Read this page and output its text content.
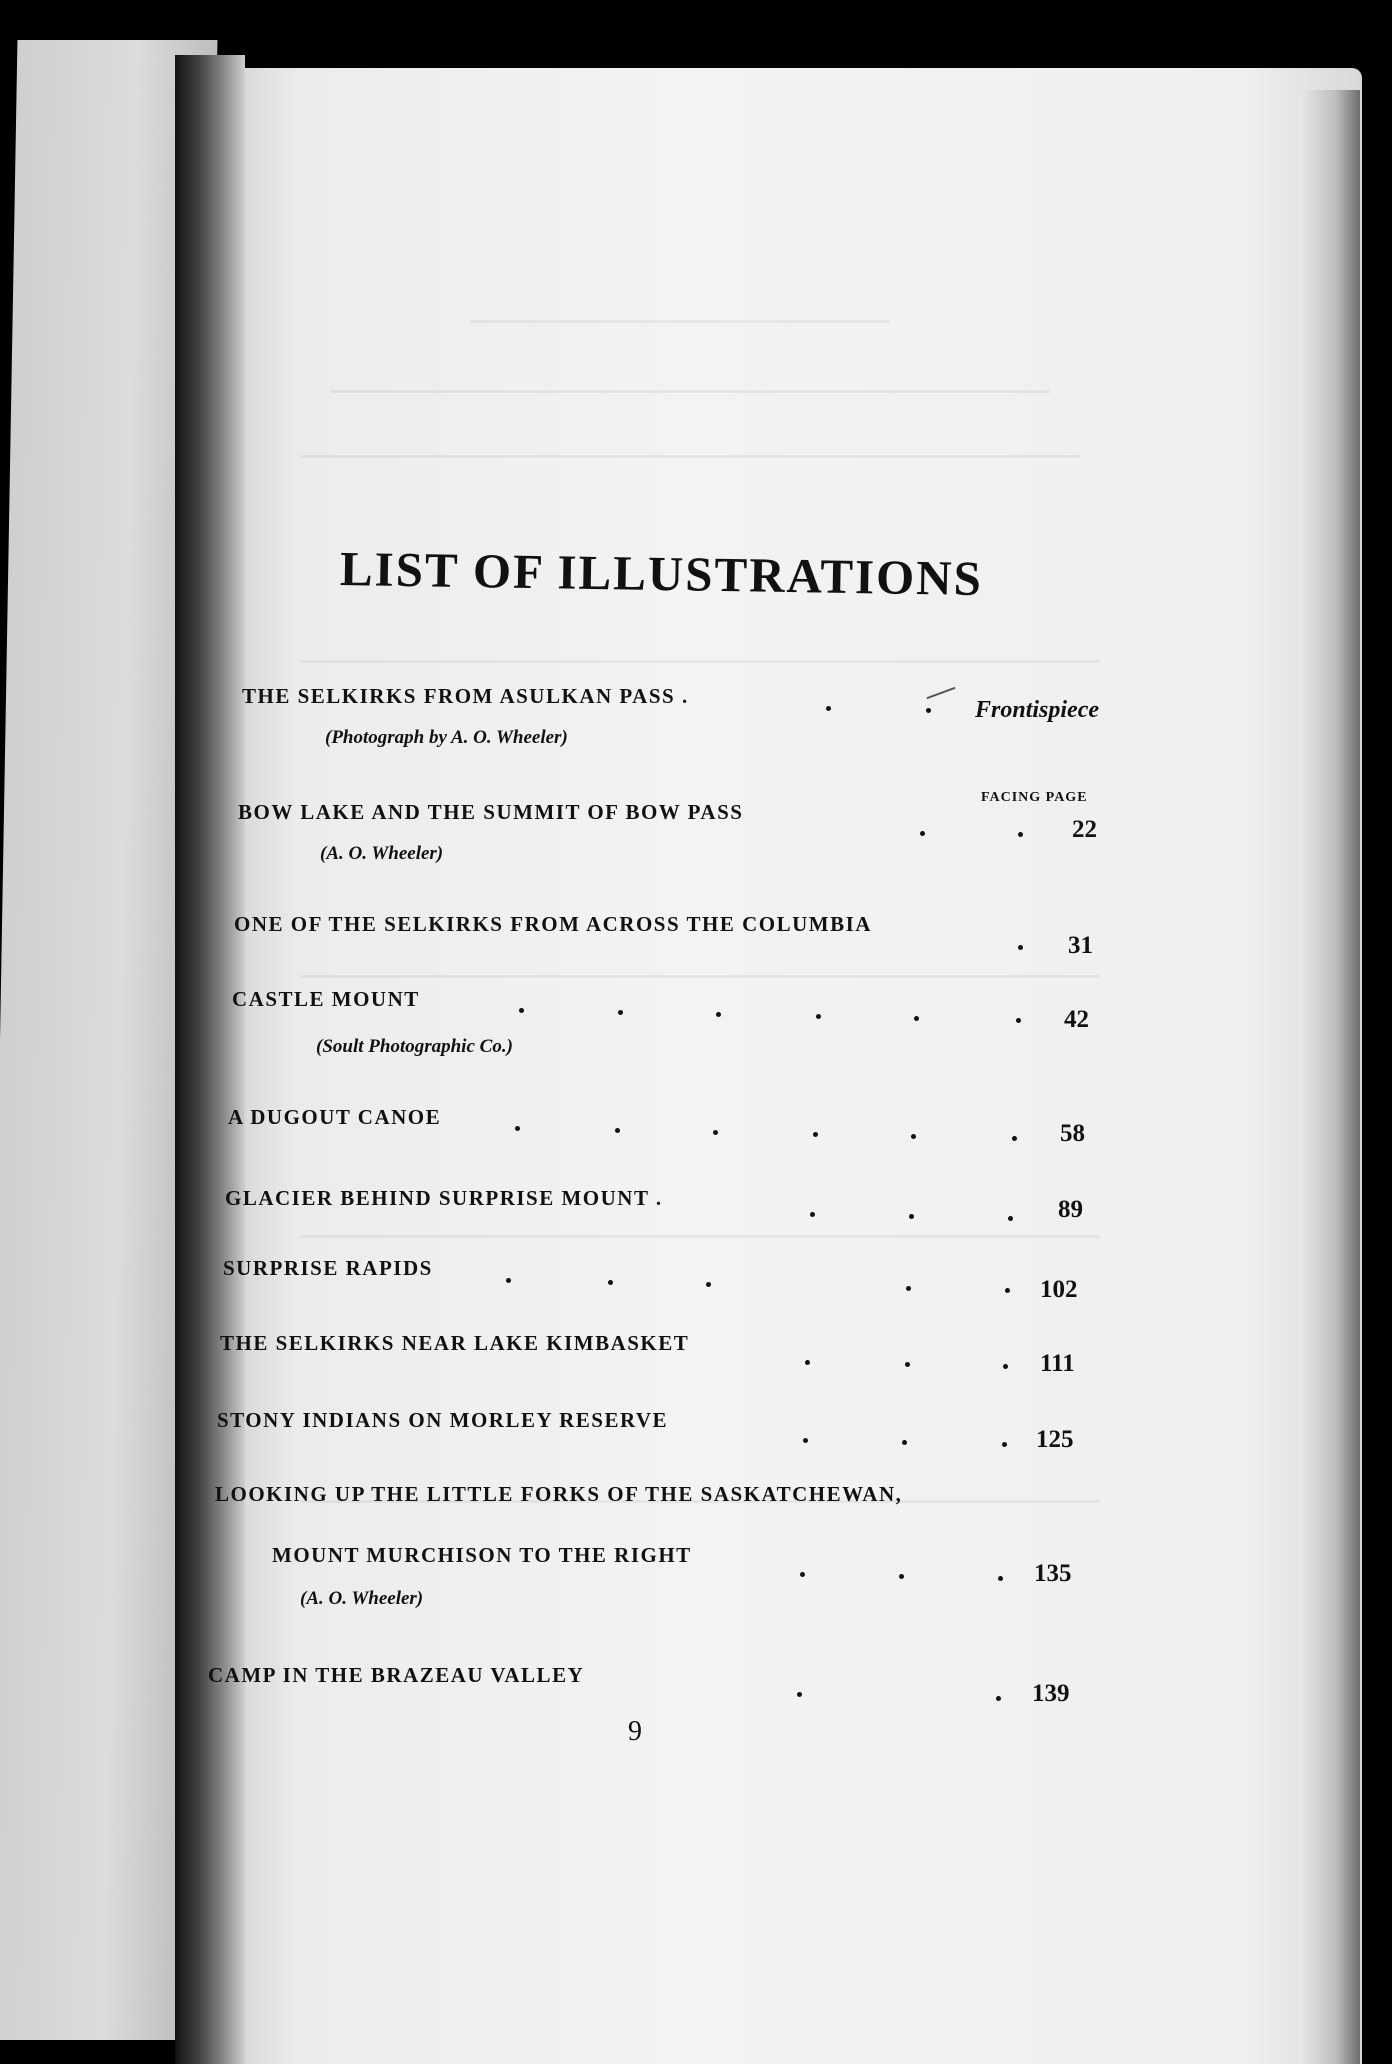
LIST OF ILLUSTRATIONS
THE SELKIRKS FROM ASULKAN PASS .
Frontispiece
(Photograph by A. O. Wheeler)
FACING PAGE
BOW LAKE AND THE SUMMIT OF BOW PASS
22
(A. O. Wheeler)
ONE OF THE SELKIRKS FROM ACROSS THE COLUMBIA
31
CASTLE MOUNT
42
(Soult Photographic Co.)
A DUGOUT CANOE
58
GLACIER BEHIND SURPRISE MOUNT .	89
SURPRISE RAPIDS
102
THE SELKIRKS NEAR LAKE KIMBASKET
111
STONY INDIANS ON MORLEY RESERVE
125
LOOKING UP THE LITTLE FORKS OF THE SASKATCHEWAN,
MOUNT MURCHISON TO THE RIGHT
135
(A. O. Wheeler)
CAMP IN THE BRAZEAU VALLEY
139
9
